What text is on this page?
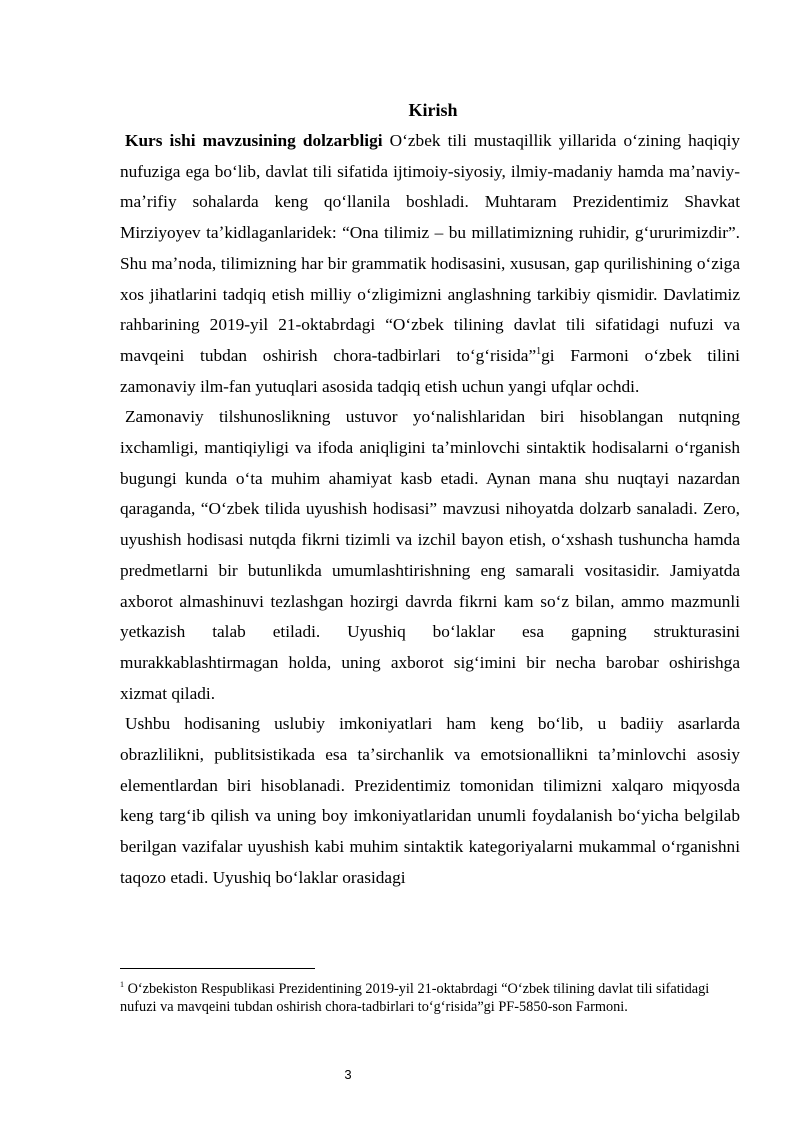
Kirish

Kurs ishi mavzusining dolzarbligi Oʻzbek tili mustaqillik yillarida oʻzining haqiqiy nufuziga ega boʻlib, davlat tili sifatida ijtimoiy-siyosiy, ilmiy-madaniy hamda maʼnaviy-maʼrifiy sohalarda keng qoʻllanila boshladi. Muhtaram Prezidentimiz Shavkat Mirziyoyev taʼkidlaganlaridek: “Ona tilimiz – bu millatimizning ruhidir, gʻururimizdir”. Shu maʼnoda, tilimizning har bir grammatik hodisasini, xususan, gap qurilishining oʻziga xos jihatlarini tadqiq etish milliy oʻzligimizni anglashning tarkibiy qismidir. Davlatimiz rahbarining 2019-yil 21-oktabrdagi “Oʻzbek tilining davlat tili sifatidagi nufuzi va mavqeini tubdan oshirish chora-tadbirlari toʻgʻrisida”$^1$gi Farmoni oʻzbek tilini zamonaviy ilm-fan yutuqlari asosida tadqiq etish uchun yangi ufqlar ochdi.

Zamonaviy tilshunoslikning ustuvor yoʻnalishlaridan biri hisoblangan nutqning ixchamligi, mantiqiyligi va ifoda aniqligini taʼminlovchi sintaktik hodisalarni oʻrganish bugungi kunda oʻta muhim ahamiyat kasb etadi. Aynan mana shu nuqtayi nazardan qaraganda, “Oʻzbek tilida uyushish hodisasi” mavzusi nihoyatda dolzarb sanaladi. Zero, uyushish hodisasi nutqda fikrni tizimli va izchil bayon etish, oʻxshash tushuncha hamda predmetlarni bir butunlikda umumlashtirishning eng samarali vositasidir. Jamiyatda axborot almashinuvi tezlashgan hozirgi davrda fikrni kam soʻz bilan, ammo mazmunli yetkazish talab etiladi. Uyushiq boʻlaklar esa gapning strukturasini murakkablashtirmagan holda, uning axborot sigʻimini bir necha barobar oshirishga xizmat qiladi.

Ushbu hodisaning uslubiy imkoniyatlari ham keng boʻlib, u badiiy asarlarda obrazlilikni, publitsistikada esa taʼsirchanlik va emotsionallikni taʼminlovchi asosiy elementlardan biri hisoblanadi. Prezidentimiz tomonidan tilimizni xalqaro miqyosda keng targʻib qilish va uning boy imkoniyatlaridan unumli foydalanish boʻyicha belgilab berilgan vazifalar uyushish kabi muhim sintaktik kategoriyalarni mukammal oʻrganishni taqozo etadi. Uyushiq boʻlaklar orasidagi

$^1$ Oʻzbekiston Respublikasi Prezidentining 2019-yil 21-oktabrdagi “Oʻzbek tilining davlat tili sifatidagi nufuzi va mavqeini tubdan oshirish chora-tadbirlari toʻgʻrisida”gi PF-5850-son Farmoni.
3
